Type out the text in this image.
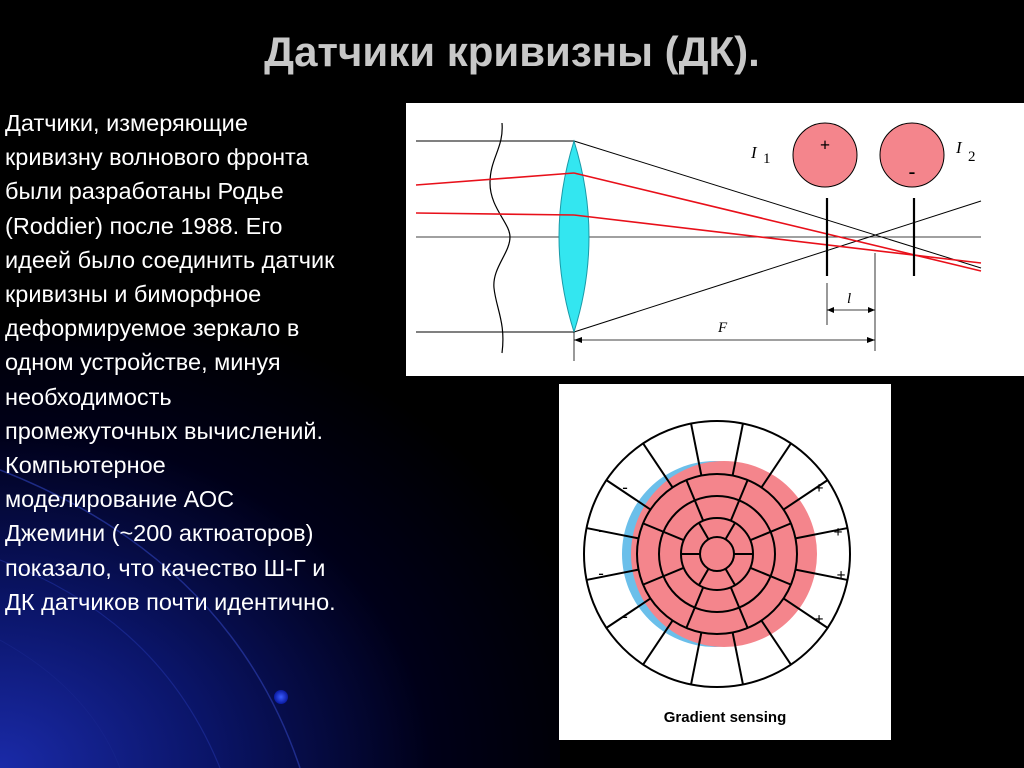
Датчики кривизны (ДК).
Датчики, измеряющие
кривизну волнового фронта
были разработаны Родье
(Roddier) после 1988. Его
идеей было соединить датчик
кривизны и биморфное
деформируемое зеркало в
одном устройстве, минуя
необходимость
промежуточных вычислений.
Компьютерное
моделирование АОС
Джемини (~200 актюаторов)
показало, что качество Ш-Г и
ДК датчиков почти идентично.
+
-
I 1
I 2
l
F
-
-
-
-
+
+
+
+
Gradient sensing
